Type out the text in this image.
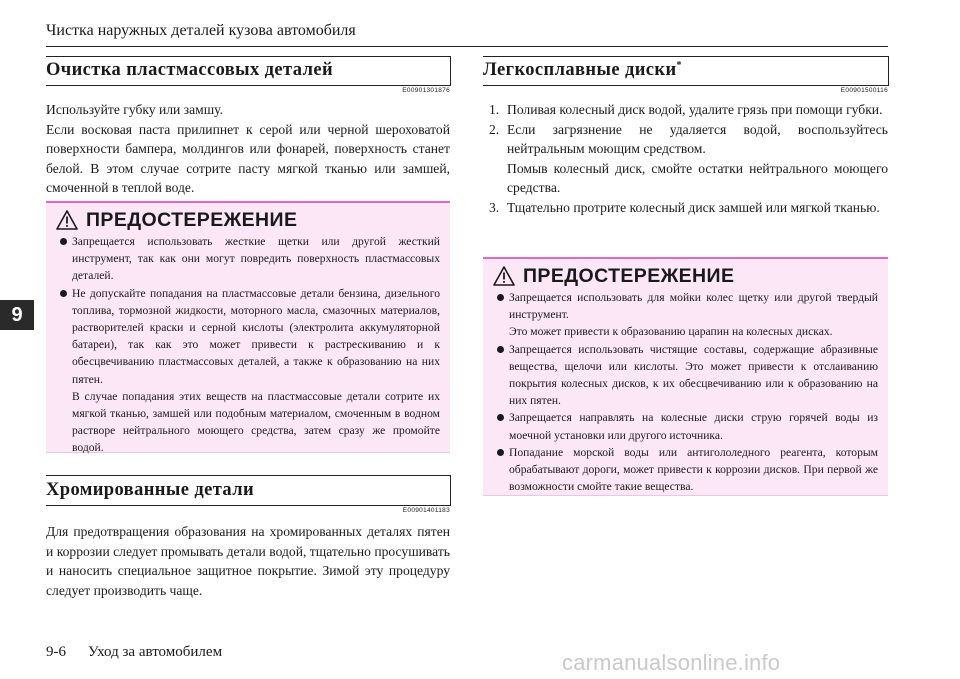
Чистка наружных деталей кузова автомобиля
9
Очистка пластмассовых деталей
E00901301876

Используйте губку или замшу.

Если восковая паста прилипнет к серой или черной шероховатой поверхности бампера, молдингов или фонарей, поверхность станет белой. В этом случае сотрите пасту мягкой тканью или замшей, смоченной в теплой воде.

ПРЕДОСТЕРЕЖЕНИЕ
Запрещается использовать жесткие щетки или другой жесткий инструмент, так как они могут повредить поверхность пластмассовых деталей.
Не допускайте попадания на пластмассовые детали бензина, дизельного топлива, тормозной жидкости, моторного масла, смазочных материалов, растворителей краски и серной кислоты (электролита аккумуляторной батареи), так как это может привести к растрескиванию и к обесцвечиванию пластмассовых деталей, а также к образованию на них пятен.
В случае попадания этих веществ на пластмассовые детали сотрите их мягкой тканью, замшей или подобным материалом, смоченным в водном растворе нейтрального моющего средства, затем сразу же промойте водой.
Хромированные детали
E00901401183
Для предотвращения образования на хромированных деталях пятен и коррозии следует промывать детали водой, тщательно просушивать и наносить специальное защитное покрытие. Зимой эту процедуру следует производить чаще.
Легкосплавные диски*
E00901500116
1. Поливая колесный диск водой, удалите грязь при помощи губки.
2. Если загрязнение не удаляется водой, воспользуйтесь нейтральным моющим средством.
Помыв колесный диск, смойте остатки нейтрального моющего средства.
3. Тщательно протрите колесный диск замшей или мягкой тканью.
ПРЕДОСТЕРЕЖЕНИЕ
Запрещается использовать для мойки колес щетку или другой твердый инструмент.
Это может привести к образованию царапин на колесных дисках.
Запрещается использовать чистящие составы, содержащие абразивные вещества, щелочи или кислоты. Это может привести к отслаиванию покрытия колесных дисков, к их обесцвечиванию или к образованию на них пятен.
Запрещается направлять на колесные диски струю горячей воды из моечной установки или другого источника.
Попадание морской воды или антигололедного реагента, которым обрабатывают дороги, может привести к коррозии дисков. При первой же возможности смойте такие вещества.
9-6 Уход за автомобилем	carmanualsonline.info
